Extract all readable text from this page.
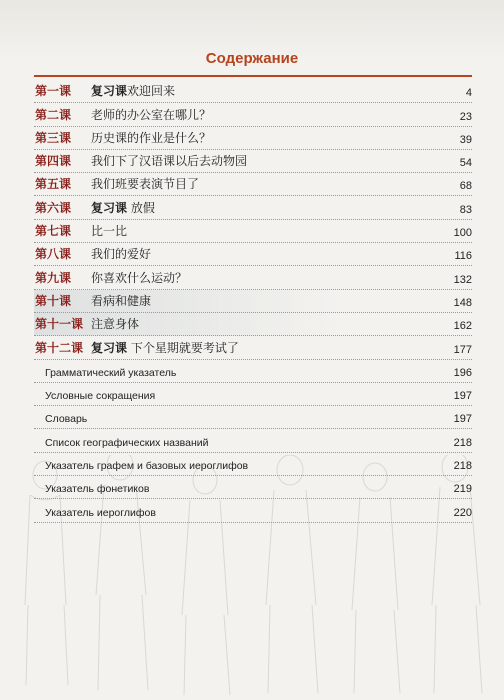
Содержание
第一课	复习课欢迎回来	4
第二课	老师的办公室在哪儿？	23
第三课	历史课的作业是什么？	39
第四课	我们下了汉语课以后去动物园	54
第五课	我们班要表演节目了	68
第六课	复习课 放假	83
第七课	比一比	100
第八课	我们的爱好	116
第九课	你喜欢什么运动？	132
第十课	看病和健康	148
第十一课 注意身体	162
第十二课 复习课 下个星期就要考试了	177
Грамматический указатель	196
Условные сокращения	197
Словарь	197
Список географических названий	218
Указатель графем и базовых иероглифов	218
Указатель фонетиков	219
Указатель иероглифов	220
